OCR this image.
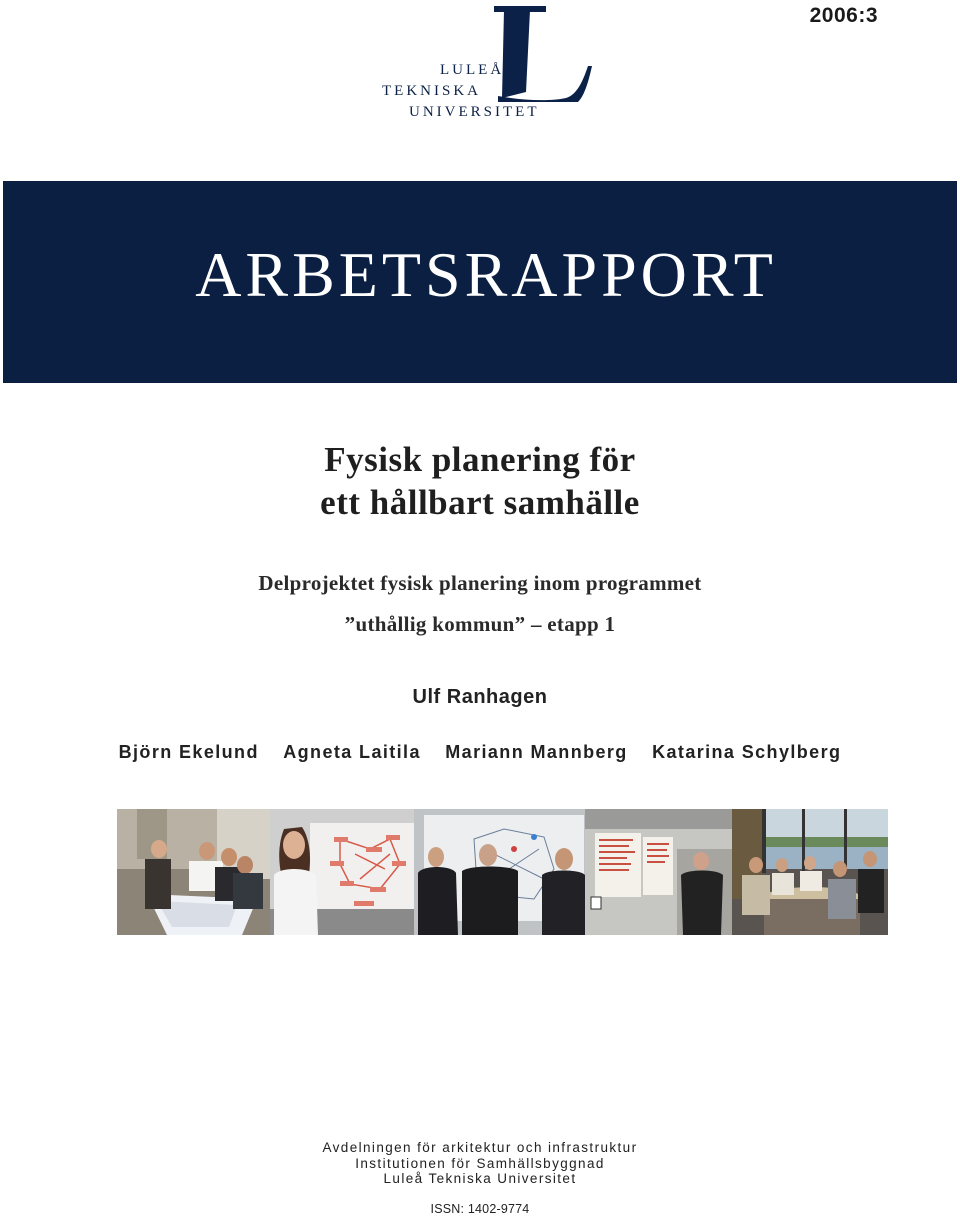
2006:3
LULEÅ
TEKNISKA
UNIVERSITET
ARBETSRAPPORT
Fysisk planering för
ett hållbart samhälle
Delprojektet fysisk planering inom programmet
”uthållig kommun” – etapp 1
Ulf Ranhagen
Björn Ekelund Agneta Laitila Mariann Mannberg Katarina Schylberg
Avdelningen för arkitektur och infrastruktur
Institutionen för Samhällsbyggnad
Luleå Tekniska Universitet
ISSN: 1402-9774
